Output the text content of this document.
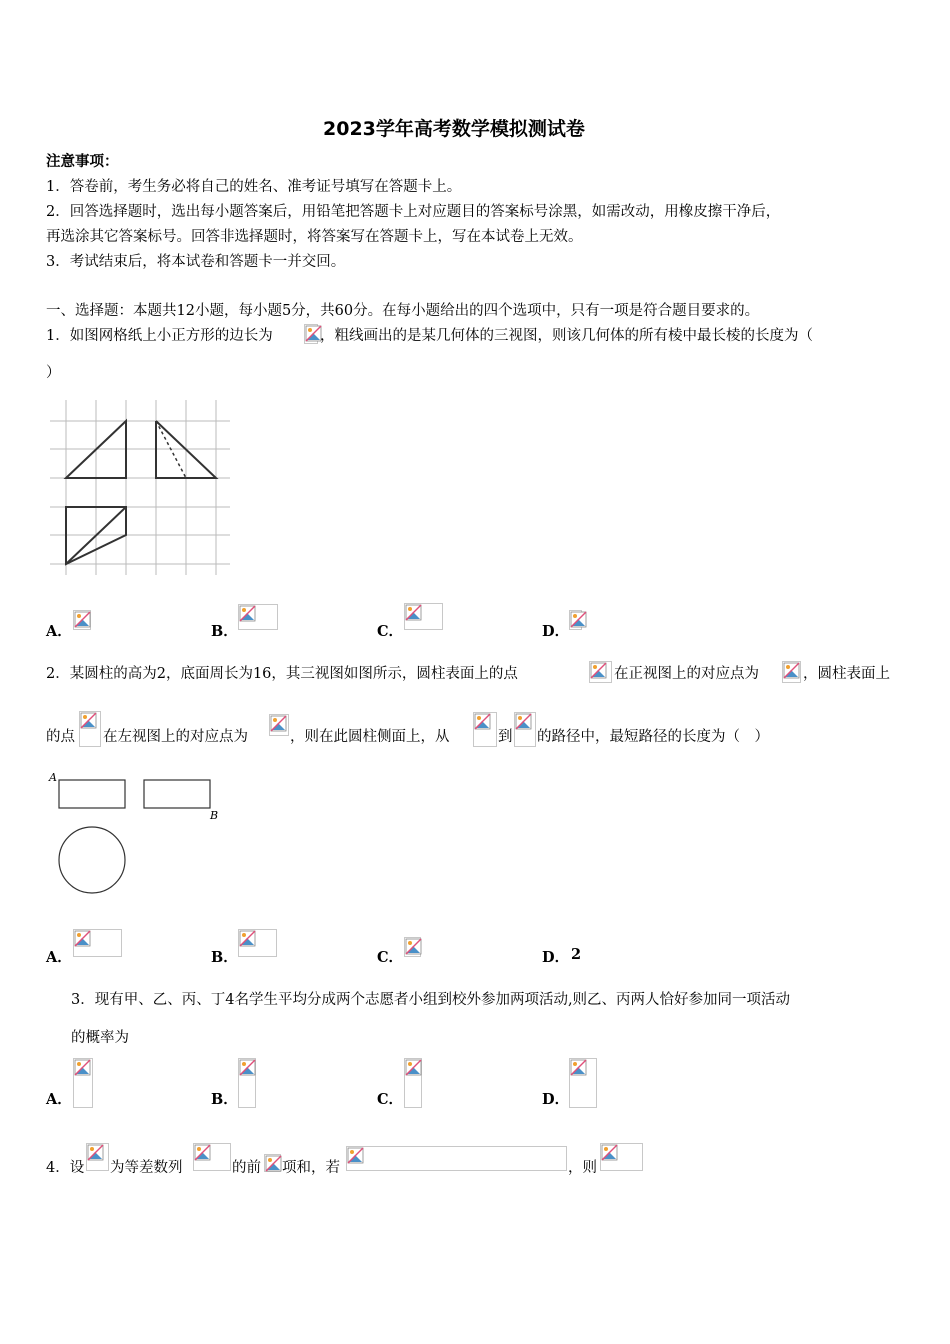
2023学年高考数学模拟测试卷
注意事项：
1．答卷前，考生务必将自己的姓名、准考证号填写在答题卡上。
2．回答选择题时，选出每小题答案后，用铅笔把答题卡上对应题目的答案标号涂黑，如需改动，用橡皮擦干净后，
再选涂其它答案标号。回答非选择题时，将答案写在答题卡上，写在本试卷上无效。
3．考试结束后，将本试卷和答题卡一并交回。
一、选择题：本题共12小题，每小题5分，共60分。在每小题给出的四个选项中，只有一项是符合题目要求的。
1．如图网格纸上小正方形的边长为	，粗线画出的是某几何体的三视图，则该几何体的所有棱中最长棱的长度为（
）
A．	B．	C．	D．
2．某圆柱的高为2，底面周长为16，其三视图如图所示，圆柱表面上的点	在正视图上的对应点为	，圆柱表面上
的点 在左视图上的对应点为	，则在此圆柱侧面上，从	到 的路径中，最短路径的长度为（　）
A
B
A．	B．	C．	D． 2
3．现有甲、乙、丙、丁4名学生平均分成两个志愿者小组到校外参加两项活动,则乙、丙两人恰好参加同一项活动
的概率为
A．	B．	C．	D．
4．设 为等差数列	的前 项和，若	，则
